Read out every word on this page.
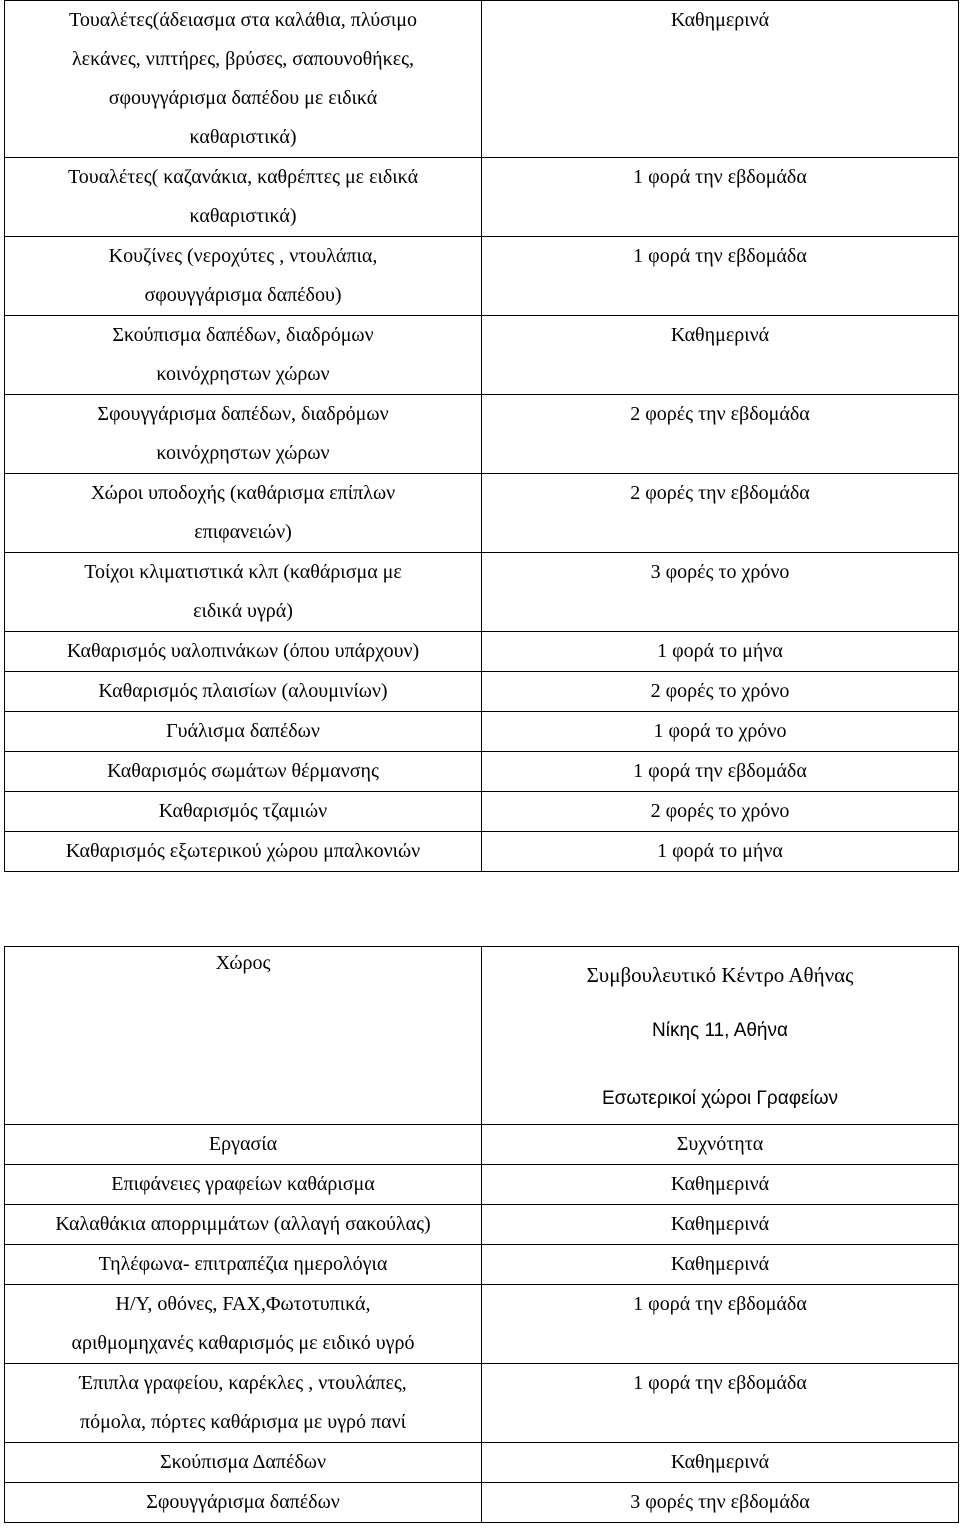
Τουαλέτες(άδειασμα στα καλάθια, πλύσιμο
λεκάνες, νιπτήρες, βρύσες, σαπουνοθήκες,
σφουγγάρισμα δαπέδου με ειδικά
καθαριστικά)	Καθημερινά

Τουαλέτες( καζανάκια, καθρέπτες με ειδικά
καθαριστικά)	1 φορά την εβδομάδα

Κουζίνες (νεροχύτες , ντουλάπια,
σφουγγάρισμα δαπέδου)	1 φορά την εβδομάδα

Σκούπισμα δαπέδων, διαδρόμων
κοινόχρηστων χώρων	Καθημερινά

Σφουγγάρισμα δαπέδων, διαδρόμων
κοινόχρηστων χώρων	2 φορές την εβδομάδα

Χώροι υποδοχής (καθάρισμα επίπλων
επιφανειών)	2 φορές την εβδομάδα

Τοίχοι κλιματιστικά κλπ (καθάρισμα με
ειδικά υγρά)	3 φορές το χρόνο

Καθαρισμός υαλοπινάκων (όπου υπάρχουν)	1 φορά το μήνα

Καθαρισμός πλαισίων (αλουμινίων)	2 φορές το χρόνο

Γυάλισμα δαπέδων	1 φορά το χρόνο

Καθαρισμός σωμάτων θέρμανσης	1 φορά την εβδομάδα

Καθαρισμός τζαμιών	2 φορές το χρόνο

Καθαρισμός εξωτερικού χώρου μπαλκονιών	1 φορά το μήνα
Χώρος	Συμβουλευτικό Κέντρο Αθήνας
Νίκης 11, Αθήνα
Εσωτερικοί χώροι Γραφείων

Εργασία	Συχνότητα

Επιφάνειες γραφείων καθάρισμα	Καθημερινά

Καλαθάκια απορριμμάτων (αλλαγή σακούλας)	Καθημερινά

Τηλέφωνα- επιτραπέζια ημερολόγια	Καθημερινά

Η/Υ, οθόνες, FAX,Φωτοτυπικά,
αριθμομηχανές καθαρισμός με ειδικό υγρό	1 φορά την εβδομάδα

Έπιπλα γραφείου, καρέκλες , ντουλάπες,
πόμολα, πόρτες καθάρισμα με υγρό πανί	1 φορά την εβδομάδα

Σκούπισμα Δαπέδων	Καθημερινά

Σφουγγάρισμα δαπέδων	3 φορές την εβδομάδα
